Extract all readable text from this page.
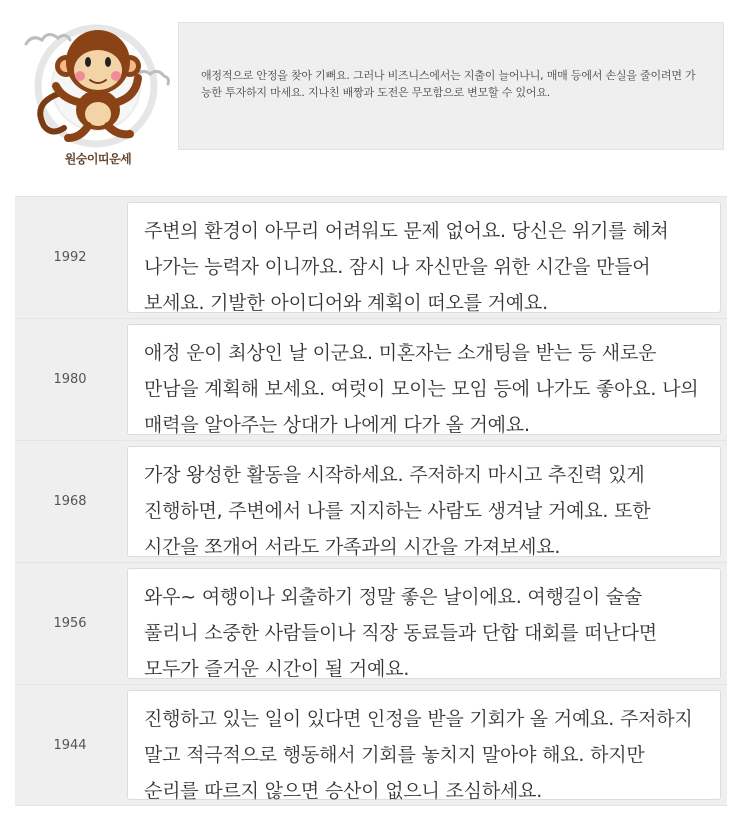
원숭이띠운세
애정적으로 안정을 찾아 기뻐요. 그러나 비즈니스에서는 지출이 늘어나니, 매매 등에서 손실을 줄이려면 가능한 투자하지 마세요. 지나친 배짱과 도전은 무모함으로 변모할 수 있어요.
1992
주변의 환경이 아무리 어려워도 문제 없어요. 당신은 위기를 헤쳐 나가는 능력자 이니까요. 잠시 나 자신만을 위한 시간을 만들어 보세요. 기발한 아이디어와 계획이 떠오를 거예요.
1980
애정 운이 최상인 날 이군요. 미혼자는 소개팅을 받는 등 새로운 만남을 계획해 보세요. 여럿이 모이는 모임 등에 나가도 좋아요. 나의 매력을 알아주는 상대가 나에게 다가 올 거예요.
1968
가장 왕성한 활동을 시작하세요. 주저하지 마시고 추진력 있게 진행하면, 주변에서 나를 지지하는 사람도 생겨날 거예요. 또한 시간을 쪼개어 서라도 가족과의 시간을 가져보세요.
1956
와우~ 여행이나 외출하기 정말 좋은 날이에요. 여행길이 술술 풀리니 소중한 사람들이나 직장 동료들과 단합 대회를 떠난다면 모두가 즐거운 시간이 될 거예요.
1944
진행하고 있는 일이 있다면 인정을 받을 기회가 올 거예요. 주저하지 말고 적극적으로 행동해서 기회를 놓치지 말아야 해요. 하지만 순리를 따르지 않으면 승산이 없으니 조심하세요.
